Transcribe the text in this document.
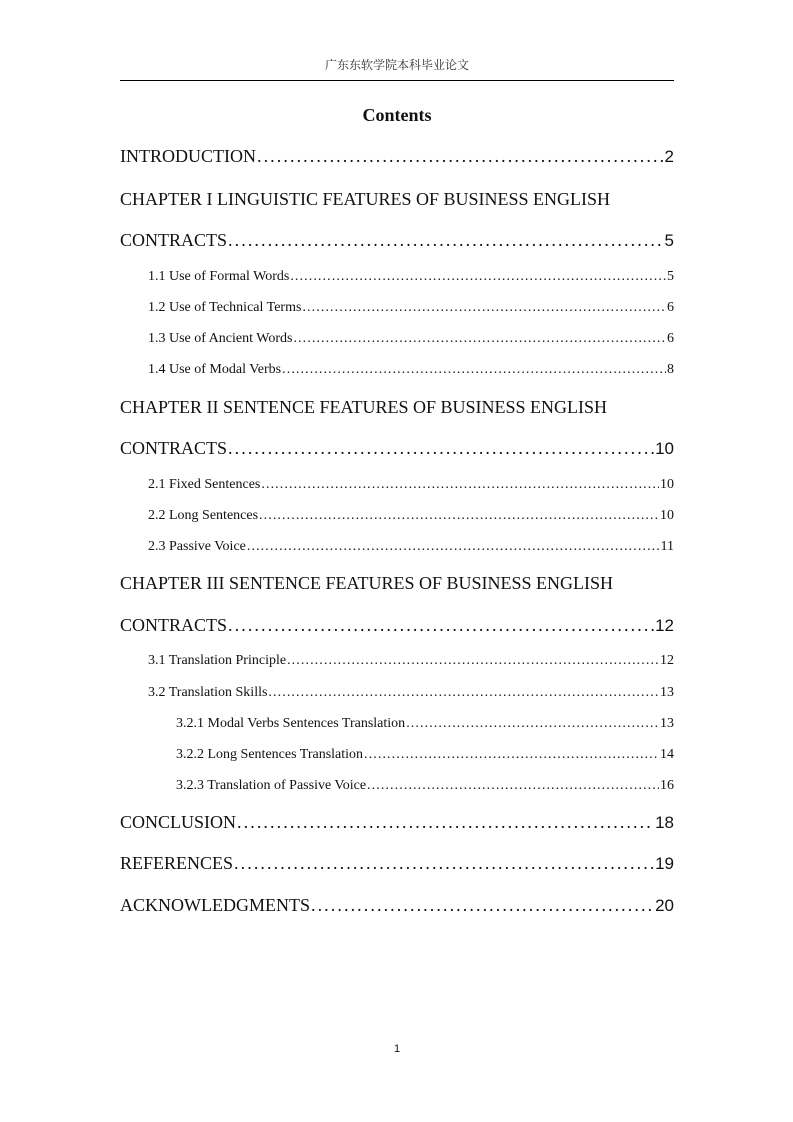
广东东软学院本科毕业论文
Contents
INTRODUCTION . . .	2
CHAPTER I LINGUISTIC FEATURES OF BUSINESS ENGLISH
CONTRACTS . . .	5
1.1 Use of Formal Words . . .	5
1.2 Use of Technical Terms . . .	6
1.3 Use of Ancient Words . . .	6
1.4 Use of Modal Verbs . . .	8
CHAPTER II SENTENCE FEATURES OF BUSINESS ENGLISH
CONTRACTS . . .	10
2.1 Fixed Sentences . . .	10
2.2 Long Sentences . . .	10
2.3 Passive Voice . . .	11
CHAPTER III SENTENCE FEATURES OF BUSINESS ENGLISH
CONTRACTS . . .	12
3.1 Translation Principle . . .	12
3.2 Translation Skills . . .	13
3.2.1 Modal Verbs Sentences Translation . . .	13
3.2.2 Long Sentences Translation . . .	14
3.2.3 Translation of Passive Voice . . .	16
CONCLUSION . . .	18
REFERENCES . . .	19
ACKNOWLEDGMENTS . . .	20
1
